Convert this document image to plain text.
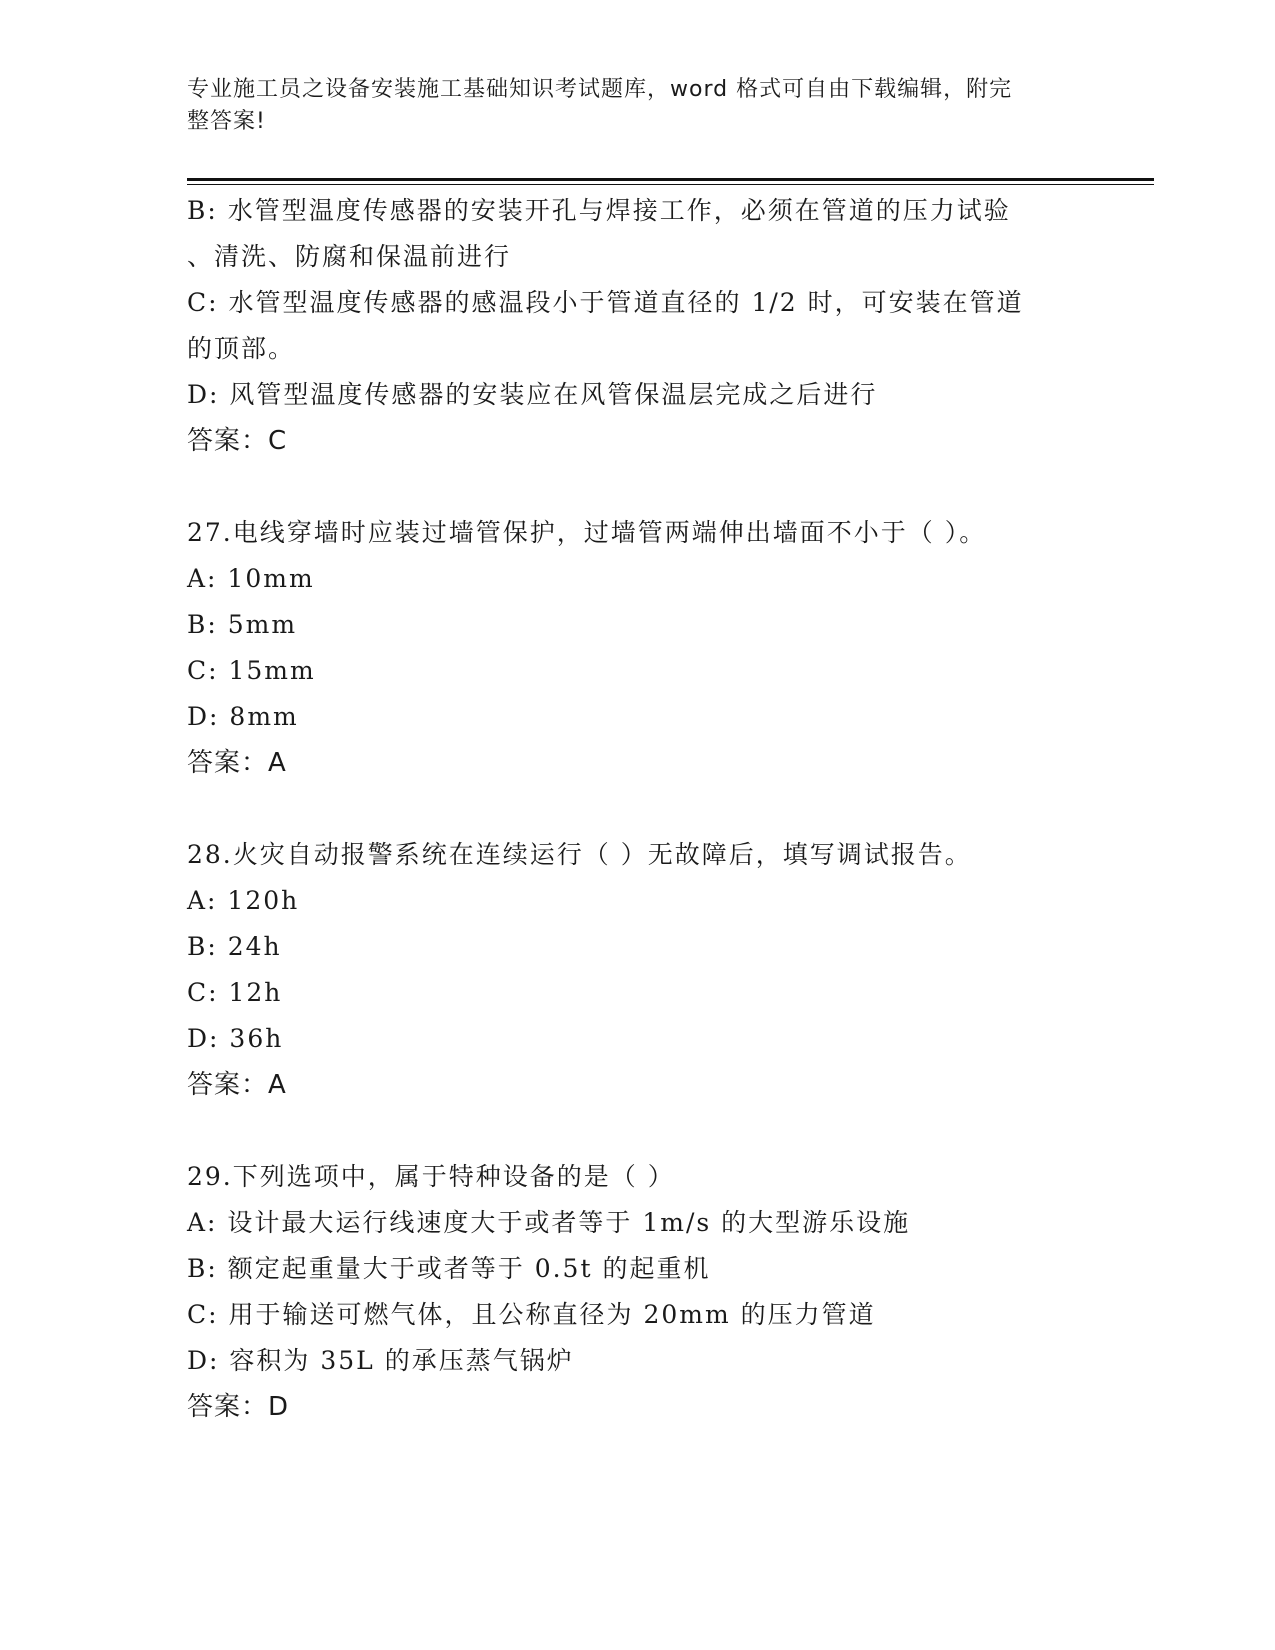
专业施工员之设备安装施工基础知识考试题库，word 格式可自由下载编辑，附完
整答案!
B: 水管型温度传感器的安装开孔与焊接工作，必须在管道的压力试验
、清洗、防腐和保温前进行
C: 水管型温度传感器的感温段小于管道直径的 1/2 时，可安装在管道
的顶部。
D: 风管型温度传感器的安装应在风管保温层完成之后进行
答案：C
27.电线穿墙时应装过墙管保护，过墙管两端伸出墙面不小于（ ）。
A: 10mm
B: 5mm
C: 15mm
D: 8mm
答案：A
28.火灾自动报警系统在连续运行（ ）无故障后，填写调试报告。
A: 120h
B: 24h
C: 12h
D: 36h
答案：A
29.下列选项中，属于特种设备的是（ ）
A: 设计最大运行线速度大于或者等于 1m/s 的大型游乐设施
B: 额定起重量大于或者等于 0.5t 的起重机
C: 用于输送可燃气体，且公称直径为 20mm 的压力管道
D: 容积为 35L 的承压蒸气锅炉
答案：D
